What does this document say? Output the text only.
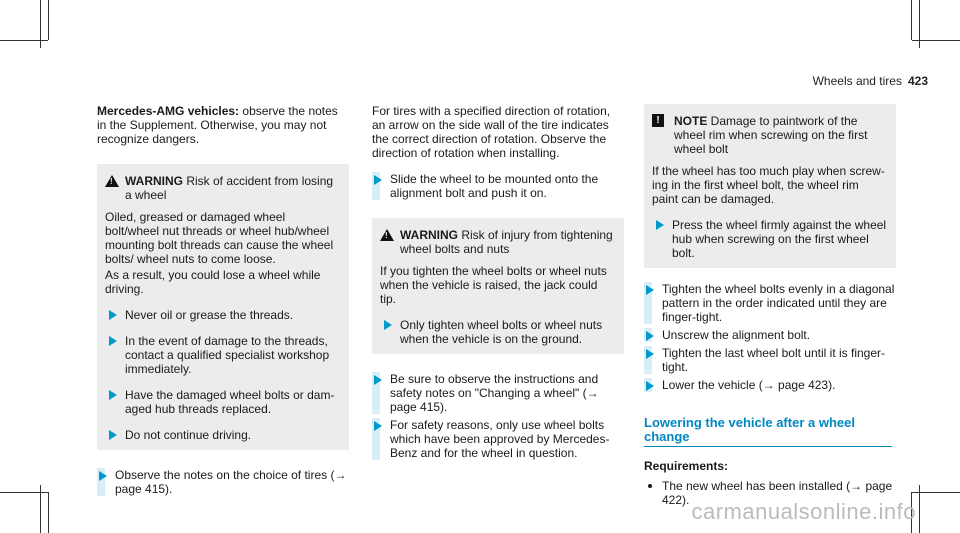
Wheels and tires 423

Mercedes-AMG vehicles: observe the notes in the Supplement. Otherwise, you may not recognize dangers.

!
WARNING Risk of accident from losing a wheel

Oiled, greased or damaged wheel bolt/wheel nut threads or wheel hub/wheel mounting bolt threads can cause the wheel bolts/ wheel nuts to come loose.

As a result, you could lose a wheel while driving.

Never oil or grease the threads.
In the event of damage to the threads, contact a qualified specialist workshop immediately.
Have the damaged wheel bolts or damaged hub threads replaced.
Do not continue driving.
Observe the notes on the choice of tires (→ page 415).

For tires with a specified direction of rotation, an arrow on the side wall of the tire indicates the correct direction of rotation. Observe the direction of rotation when installing.

Slide the wheel to be mounted onto the alignment bolt and push it on.
!
WARNING Risk of injury from tightening wheel bolts and nuts

If you tighten the wheel bolts or wheel nuts when the vehicle is raised, the jack could tip.

Only tighten wheel bolts or wheel nuts when the vehicle is on the ground.
Be sure to observe the instructions and safety notes on "Changing a wheel" (→ page 415).
For safety reasons, only use wheel bolts which have been approved by Mercedes-Benz and for the wheel in question.
!	NOTE Damage to paintwork of the wheel rim when screwing on the first wheel bolt

If the wheel has too much play when screwing in the first wheel bolt, the wheel rim paint can be damaged.

Press the wheel firmly against the wheel hub when screwing on the first wheel bolt.
Tighten the wheel bolts evenly in a diagonal pattern in the order indicated until they are finger-tight.
Unscrew the alignment bolt.
Tighten the last wheel bolt until it is finger-tight.
Lower the vehicle (→ page 423).
Lowering the vehicle after a wheel change

Requirements:

The new wheel has been installed (→ page 422). carmanualsonline.info
